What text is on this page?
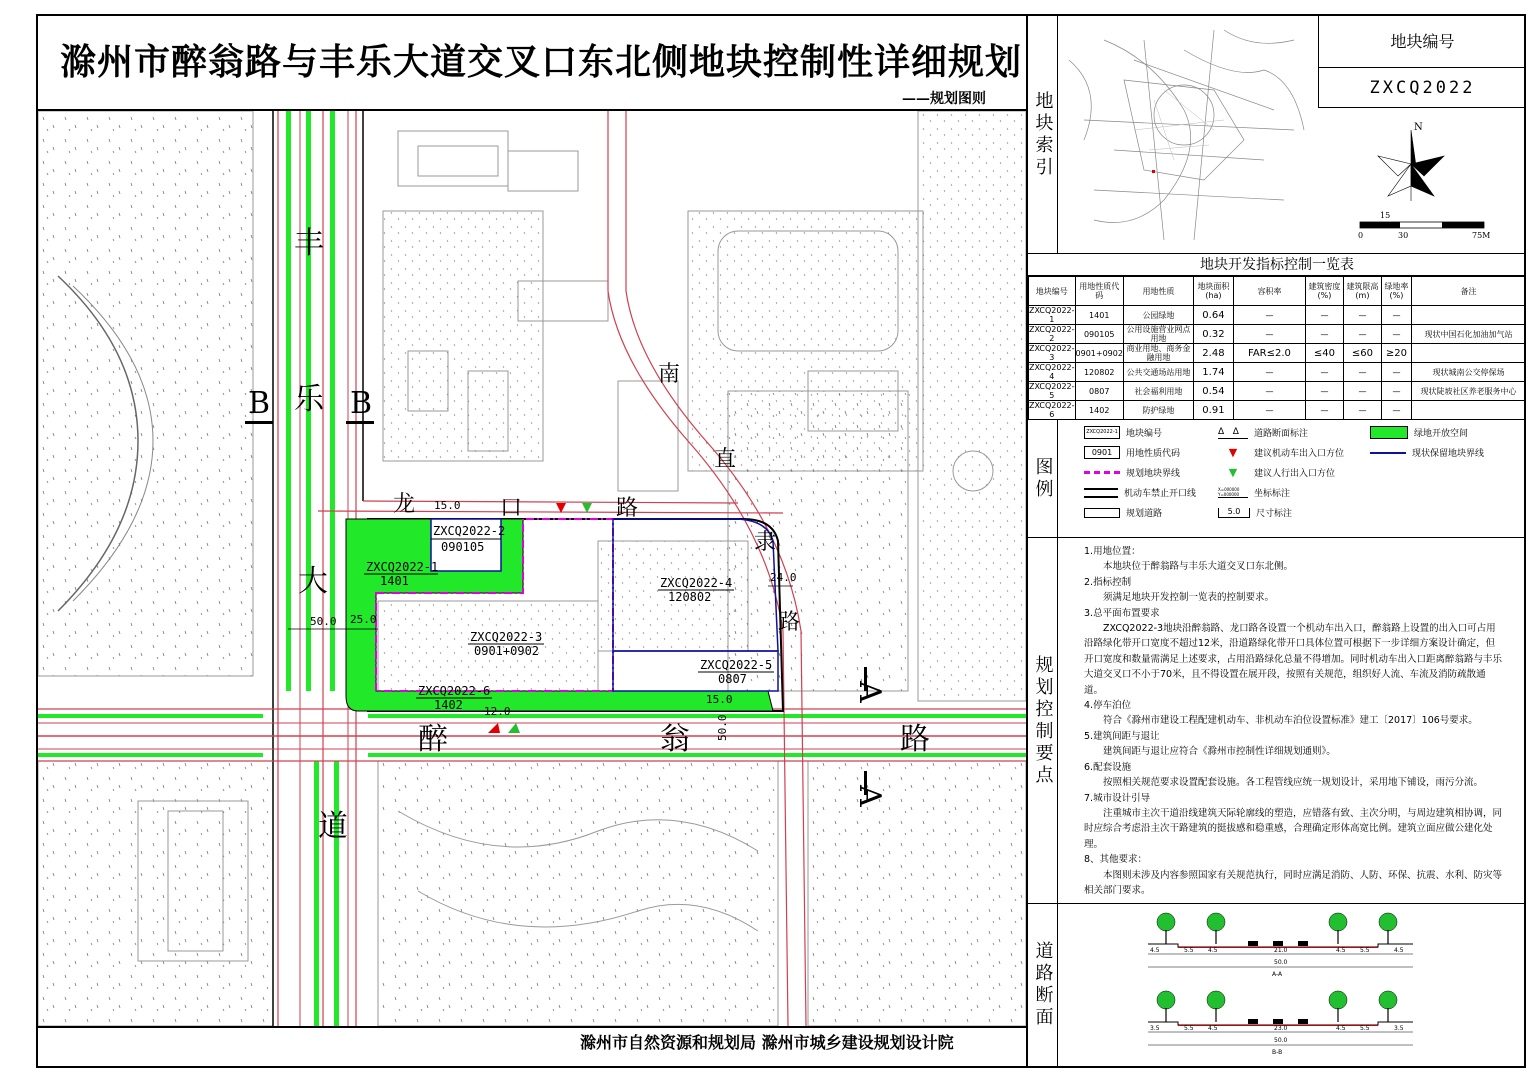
滁州市醉翁路与丰乐大道交叉口东北侧地块控制性详细规划
——规划图则
B	B
A
A
丰
乐
大
道
醉	翁	路
南
直
隶
路
龙	口	路
15.0
50.0 25.0
24.0
15.0
12.0
50.0
ZXCQ2022-2
090105
ZXCQ2022-1
1401
ZXCQ2022-3
0901+0902
ZXCQ2022-4
120802
ZXCQ2022-5
0807
ZXCQ2022-6
1402
滁州市自然资源和规划局 滁州市城乡建设规划设计院
地块索引
地块编号
ZXCQ2022
N
15
0	30	75M
地块开发指标控制一览表
地块编号	用地性质代码	用地性质	地块面积(ha)	容积率	建筑密度(%)	建筑限高(m)	绿地率(%)	备注
ZXCQ2022-1	1401	公园绿地	0.64	—	—	—	—	
ZXCQ2022-2	090105	公用设施营业网点用地	0.32	—	—	—	—	现状中国石化加油加气站
ZXCQ2022-3	0901+0902	商业用地、商务金融用地	2.48	FAR≤2.0	≤40	≤60	≥20	
ZXCQ2022-4	120802	公共交通场站用地	1.74	—	—	—	—	现状城南公交停保场
ZXCQ2022-5	0807	社会福利用地	0.54	—	—	—	—	现状陡坡社区养老服务中心
ZXCQ2022-6	1402	防护绿地	0.91	—	—	—	—	
图例
ZXCQ2022-1 地块编号
0901	用地性质代码
规划地块界线
机动车禁止开口线
规划道路
Δ   Δ	道路断面标注
▼	建议机动车出入口方位
▼	建议人行出入口方位
X=000000
Y=000000	坐标标注
5.0	尺寸标注
绿地开放空间
现状保留地块界线
规划控制要点

1.用地位置：

本地块位于醉翁路与丰乐大道交叉口东北侧。

2.指标控制

须满足地块开发控制一览表的控制要求。

3.总平面布置要求

ZXCQ2022-3地块沿醉翁路、龙口路各设置一个机动车出入口，醉翁路上设置的出入口可占用沿路绿化带开口宽度不超过12米，沿道路绿化带开口具体位置可根据下一步详细方案设计确定，但开口宽度和数量需满足上述要求，占用沿路绿化总量不得增加。同时机动车出入口距离醉翁路与丰乐大道交叉口不小于70米，且不得设置在展开段，按照有关规范，组织好人流、车流及消防疏散通道。

4.停车泊位

符合《滁州市建设工程配建机动车、非机动车泊位设置标准》建工〔2017〕106号要求。

5.建筑间距与退让

建筑间距与退让应符合《滁州市控制性详细规划通则》。

6.配套设施

按照相关规范要求设置配套设施。各工程管线应统一规划设计，采用地下铺设，雨污分流。

7.城市设计引导

注重城市主次干道沿线建筑天际轮廓线的塑造，应错落有致、主次分明，与周边建筑相协调，同时应综合考虑沿主次干路建筑的挺拔感和稳重感，合理确定形体高宽比例。建筑立面应做公建化处理。

8、其他要求：

本图则未涉及内容参照国家有关规范执行，同时应满足消防、人防、环保、抗震、水利、防灾等相关部门要求。

道路断面	4.5	5.5 4.5	21.0	4.5 5.5	4.5
50.0
A-A
3.5	5.5 4.5	23.0	4.5 5.5	3.5
50.0
B-B
